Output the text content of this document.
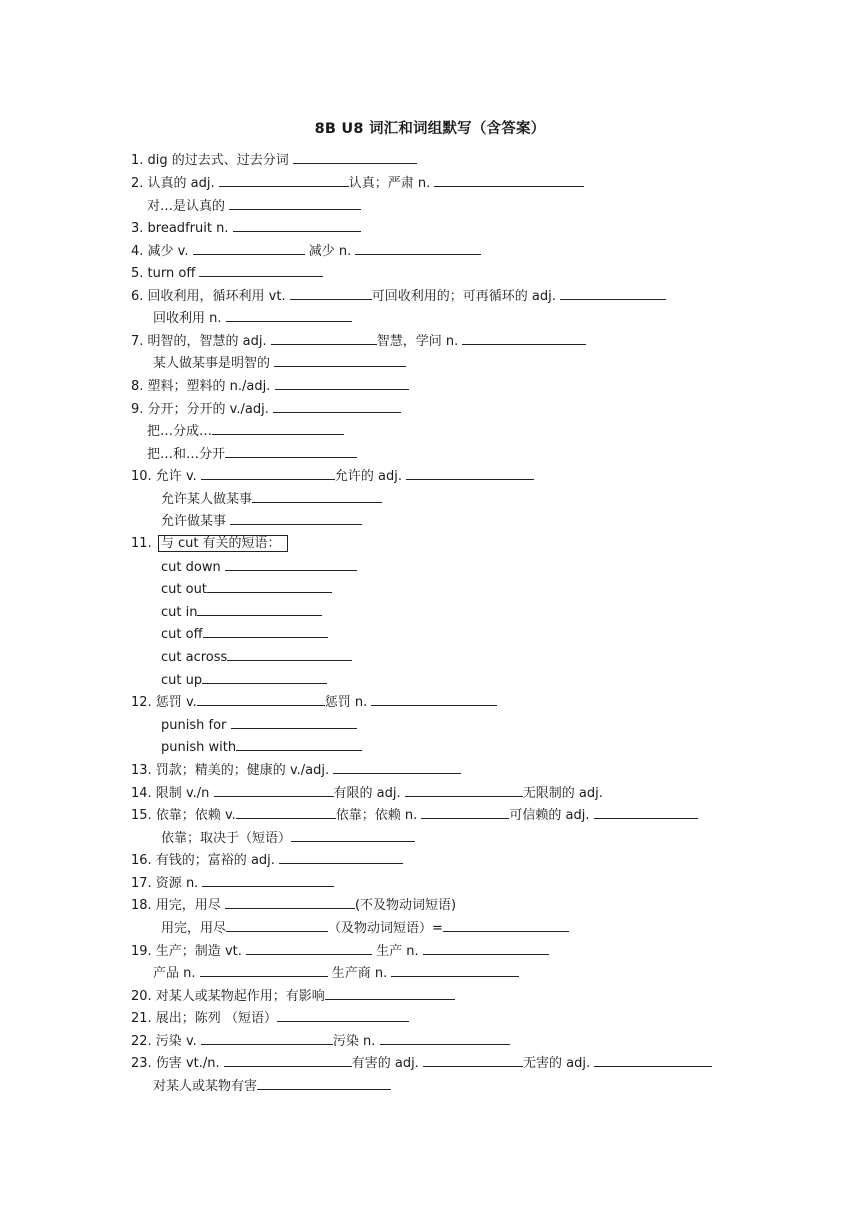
8B U8 词汇和词组默写（含答案）
1. dig 的过去式、过去分词
2. 认真的 adj.	认真；严肃 n.
对…是认真的
3. breadfruit n.
4. 减少 v.	减少 n.
5. turn off
6. 回收利用，循环利用 vt.	可回收利用的；可再循环的 adj.
回收利用 n.
7. 明智的，智慧的 adj.	智慧，学问 n.
某人做某事是明智的
8. 塑料；塑料的 n./adj.
9. 分开；分开的 v./adj.
把…分成…
把…和…分开
10. 允许 v.	允许的 adj.
允许某人做某事
允许做某事
11. 与 cut 有关的短语：
cut down
cut out
cut in
cut off
cut across
cut up
12. 惩罚 v.	惩罚 n.
punish for
punish with
13. 罚款；精美的；健康的 v./adj.
14. 限制 v./n	有限的 adj.	无限制的 adj.
15. 依靠；依赖 v.	依靠；依赖 n.	可信赖的 adj.
依靠；取决于（短语）
16. 有钱的；富裕的 adj.
17. 资源 n.
18. 用完，用尽	(不及物动词短语)
用完，用尽	（及物动词短语）=
19. 生产；制造 vt.	生产 n.
产品 n.	生产商 n.
20. 对某人或某物起作用；有影响
21. 展出；陈列 （短语）
22. 污染 v.	污染 n.
23. 伤害 vt./n.	有害的 adj.	无害的 adj.
对某人或某物有害
